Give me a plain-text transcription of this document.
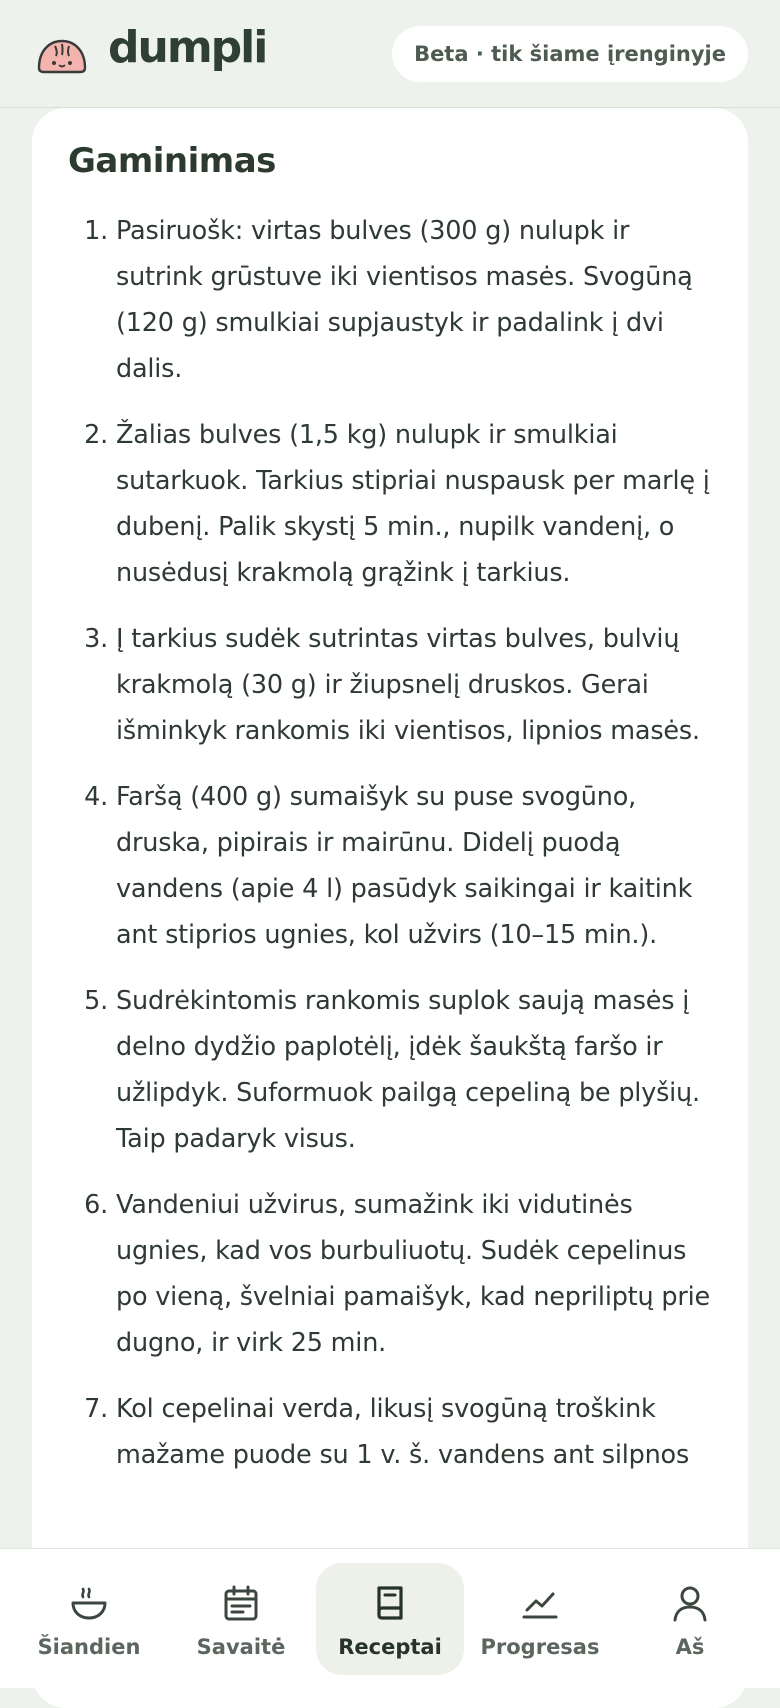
dumpli	Beta · tik šiame įrenginyje
Gaminimas
1. Pasiruošk: virtas bulves (300 g) nulupk ir sutrink grūstuve iki vientisos masės. Svogūną (120 g) smulkiai supjaustyk ir padalink į dvi dalis.
2. Žalias bulves (1,5 kg) nulupk ir smulkiai sutarkuok. Tarkius stipriai nuspausk per marlę į dubenį. Palik skystį 5 min., nupilk vandenį, o nusėdusį krakmolą grąžink į tarkius.
3. Į tarkius sudėk sutrintas virtas bulves, bulvių krakmolą (30 g) ir žiupsnelį druskos. Gerai išminkyk rankomis iki vientisos, lipnios masės.
4. Faršą (400 g) sumaišyk su puse svogūno, druska, pipirais ir mairūnu. Didelį puodą vandens (apie 4 l) pasūdyk saikingai ir kaitink ant stiprios ugnies, kol užvirs (10–15 min.).
5. Sudrėkintomis rankomis suplok saują masės į delno dydžio paplotėlį, įdėk šaukštą faršo ir užlipdyk. Suformuok pailgą cepeliną be plyšių. Taip padaryk visus.
6. Vandeniui užvirus, sumažink iki vidutinės ugnies, kad vos burbuliuotų. Sudėk cepelinus po vieną, švelniai pamaišyk, kad nepriliptų prie dugno, ir virk 25 min.
7. Kol cepelinai verda, likusį svogūną troškink mažame puode su 1 v. š. vandens ant silpnos
Šiandien	Savaitė	Receptai	Progresas	Aš
